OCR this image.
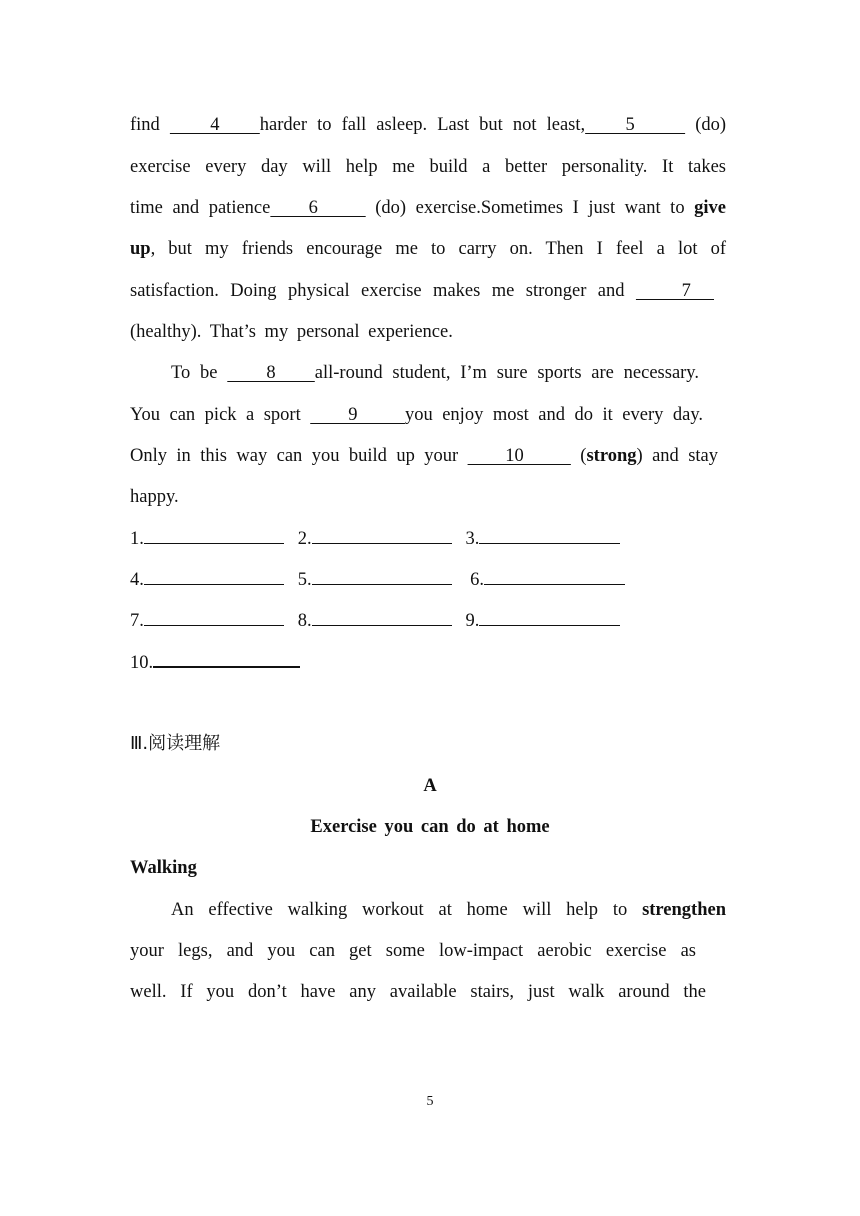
find     4    harder to fall asleep. Last but not least,    5      (do)
exercise every day will help me build a better personality. It takes
time and patience    6      (do) exercise.Sometimes I just want to give
up, but my friends encourage me to carry on. Then I feel a lot of
satisfaction. Doing physical exercise makes me stronger and     7
(healthy). That’s my personal experience.
To be     8    all-round student, I’m sure sports are necessary.
You can pick a sport     9     you enjoy most and do it every day.
Only in this way can you build up your     10      (strong) and stay
happy.
1.	2.	3.
4.	5.	6.
7.	8.	9.
10.
Ⅲ.阅读理解
A
Exercise you can do at home
Walking
An effective walking workout at home will help to strengthen
your legs, and you can get some low-impact aerobic exercise as
well. If you don’t have any available stairs, just walk around the
5
